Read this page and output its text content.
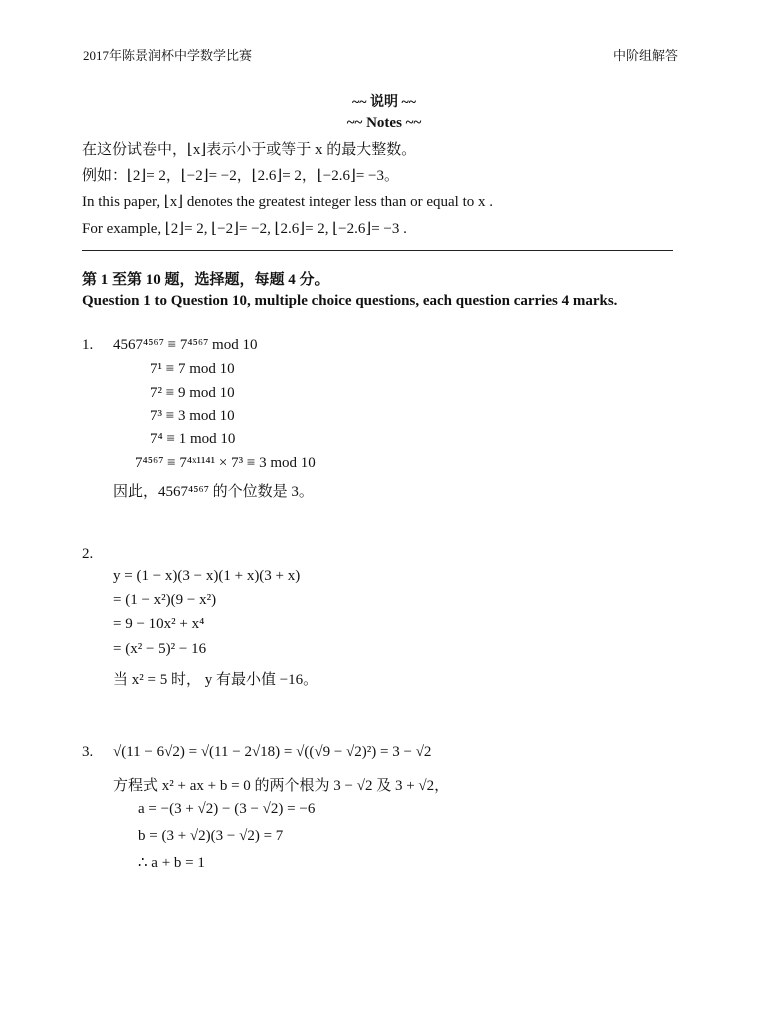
2017年陈景润杯中学数学比赛	中阶组解答
~~ 说明 ~~
~~ Notes ~~
在这份试卷中，⌊x⌋表示小于或等于 x 的最大整数。
例如：⌊2⌋= 2，⌊−2⌋= −2，⌊2.6⌋= 2，⌊−2.6⌋= −3。
In this paper, ⌊x⌋ denotes the greatest integer less than or equal to x .
For example, ⌊2⌋= 2, ⌊−2⌋= −2, ⌊2.6⌋= 2, ⌊−2.6⌋= −3 .
第 1 至第 10 题，选择题，每题 4 分。
Question 1 to Question 10, multiple choice questions, each question carries 4 marks.
1. 4567⁴⁵⁶⁷ ≡ 7⁴⁵⁶⁷ mod 10
7¹ ≡ 7 mod 10
7² ≡ 9 mod 10
7³ ≡ 3 mod 10
7⁴ ≡ 1 mod 10
7⁴⁵⁶⁷ ≡ 7⁴ˣ¹¹⁴¹ × 7³ ≡ 3 mod 10
因此，4567⁴⁵⁶⁷ 的个位数是 3。
2.
y = (1 − x)(3 − x)(1 + x)(3 + x)
= (1 − x²)(9 − x²)
= 9 − 10x² + x⁴
= (x² − 5)² − 16
当 x² = 5 时， y 有最小值 −16。
3. √(11 − 6√2) = √(11 − 2√18) = √((√9 − √2)²) = 3 − √2
方程式 x² + ax + b = 0 的两个根为 3 − √2 及 3 + √2，
a = −(3 + √2) − (3 − √2) = −6
b = (3 + √2)(3 − √2) = 7
∴ a + b = 1
